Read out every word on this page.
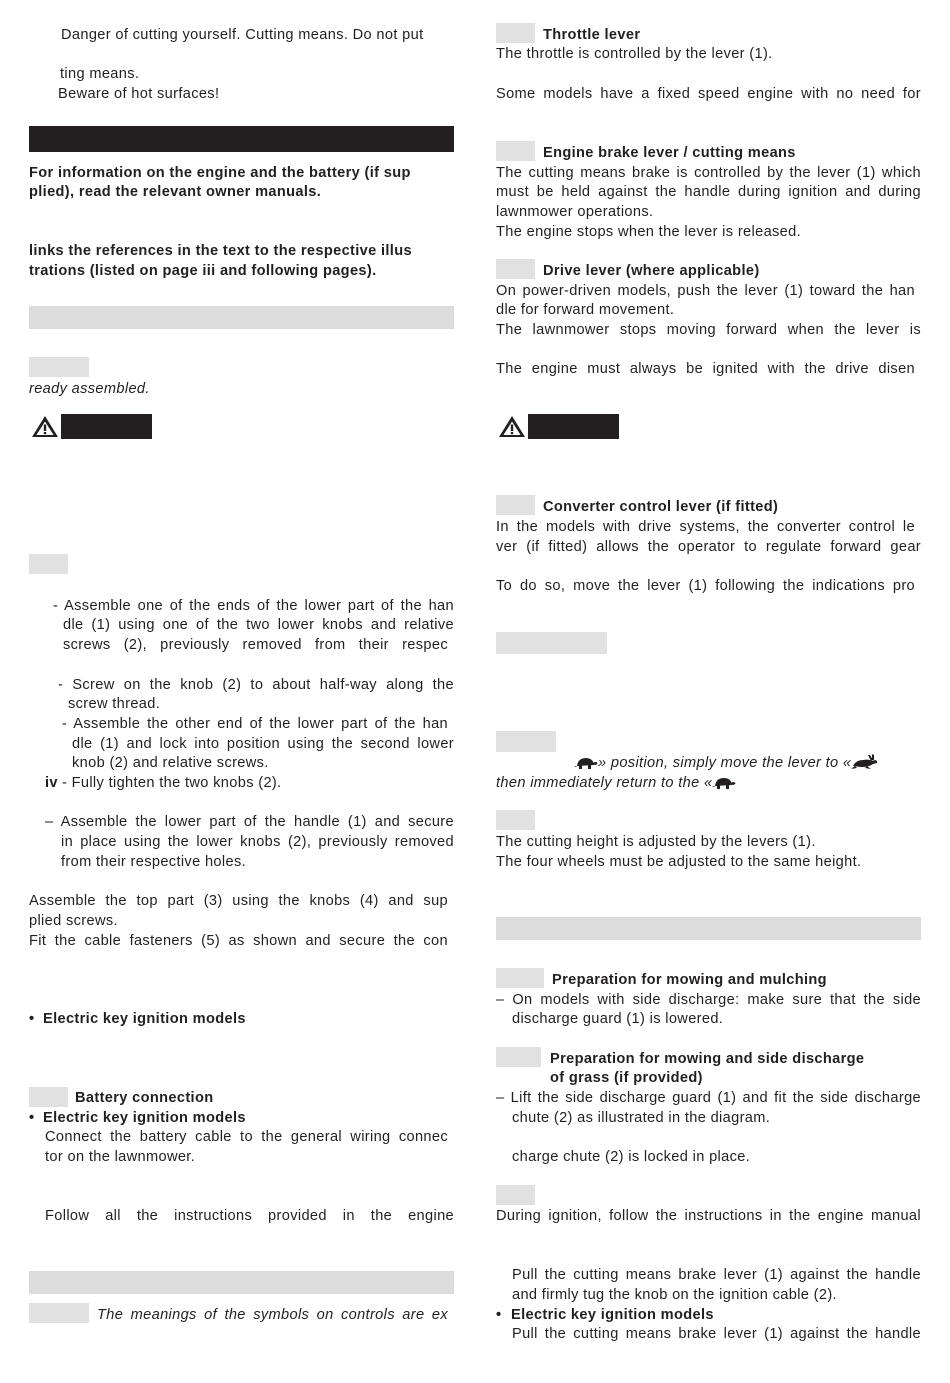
Danger of cutting yourself. Cutting means. Do not put
ting means.
Beware of hot surfaces!
For information on the engine and the battery (if sup
plied), read the relevant owner manuals.
links the references in the text to the respective illus
trations (listed on page iii and following pages).
ready assembled.
- Assemble one of the ends of the lower part of the han
dle (1) using one of the two lower knobs and relative
screws (2), previously removed from their respec
- Screw on the knob (2) to about half-way along the
screw thread.
- Assemble the other end of the lower part of the han
dle (1) and lock into position using the second lower
knob (2) and relative screws.
iv - Fully tighten the two knobs (2).
– Assemble the lower part of the handle (1) and secure
in place using the lower knobs (2), previously removed
from their respective holes.
Assemble the top part (3) using the knobs (4) and sup
plied screws.
Fit the cable fasteners (5) as shown and secure the con
• Electric key ignition models
Battery connection
• Electric key ignition models
Connect the battery cable to the general wiring connec
tor on the lawnmower.
Follow all the instructions provided in the engine
The meanings of the symbols on controls are ex
Throttle lever
The throttle is controlled by the lever (1).
Some models have a fixed speed engine with no need for
Engine brake lever / cutting means
The cutting means brake is controlled by the lever (1) which
must be held against the handle during ignition and during
lawnmower operations.
The engine stops when the lever is released.
Drive lever (where applicable)
On power-driven models, push the lever (1) toward the han
dle for forward movement.
The lawnmower stops moving forward when the lever is
The engine must always be ignited with the drive disen
Converter control lever (if fitted)
In the models with drive systems, the converter control le
ver (if fitted) allows the operator to regulate forward gear
To do so, move the lever (1) following the indications pro
» position, simply move the lever to «
then immediately return to the «
The cutting height is adjusted by the levers (1).
The four wheels must be adjusted to the same height.
Preparation for mowing and mulching
– On models with side discharge: make sure that the side
discharge guard (1) is lowered.
Preparation for mowing and side discharge
of grass (if provided)
– Lift the side discharge guard (1) and fit the side discharge
chute (2) as illustrated in the diagram.
charge chute (2) is locked in place.
During ignition, follow the instructions in the engine manual
Pull the cutting means brake lever (1) against the handle
and firmly tug the knob on the ignition cable (2).
• Electric key ignition models
Pull the cutting means brake lever (1) against the handle
